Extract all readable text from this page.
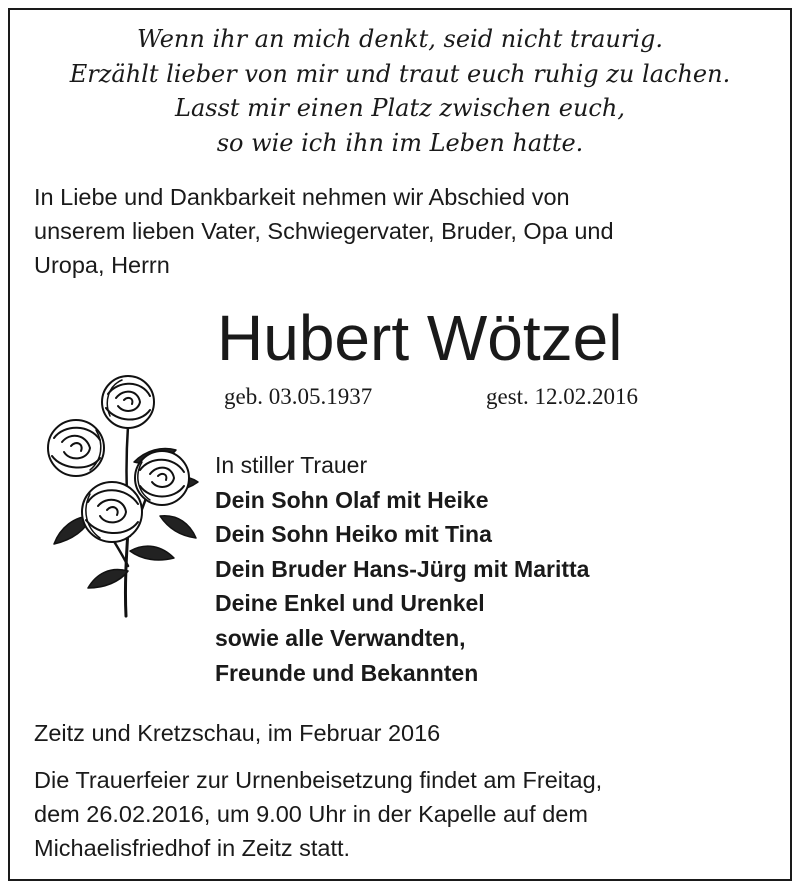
Wenn ihr an mich denkt, seid nicht traurig.
Erzählt lieber von mir und traut euch ruhig zu lachen.
Lasst mir einen Platz zwischen euch,
so wie ich ihn im Leben hatte.
In Liebe und Dankbarkeit nehmen wir Abschied von
unserem lieben Vater, Schwiegervater, Bruder, Opa und
Uropa, Herrn
Hubert Wötzel
geb. 03.05.1937	gest. 12.02.2016
In stiller Trauer
Dein Sohn Olaf mit Heike
Dein Sohn Heiko mit Tina
Dein Bruder Hans-Jürg mit Maritta
Deine Enkel und Urenkel
sowie alle Verwandten,
Freunde und Bekannten
Zeitz und Kretzschau, im Februar 2016
Die Trauerfeier zur Urnenbeisetzung findet am Freitag,
dem 26.02.2016, um 9.00 Uhr in der Kapelle auf dem
Michaelisfriedhof in Zeitz statt.
